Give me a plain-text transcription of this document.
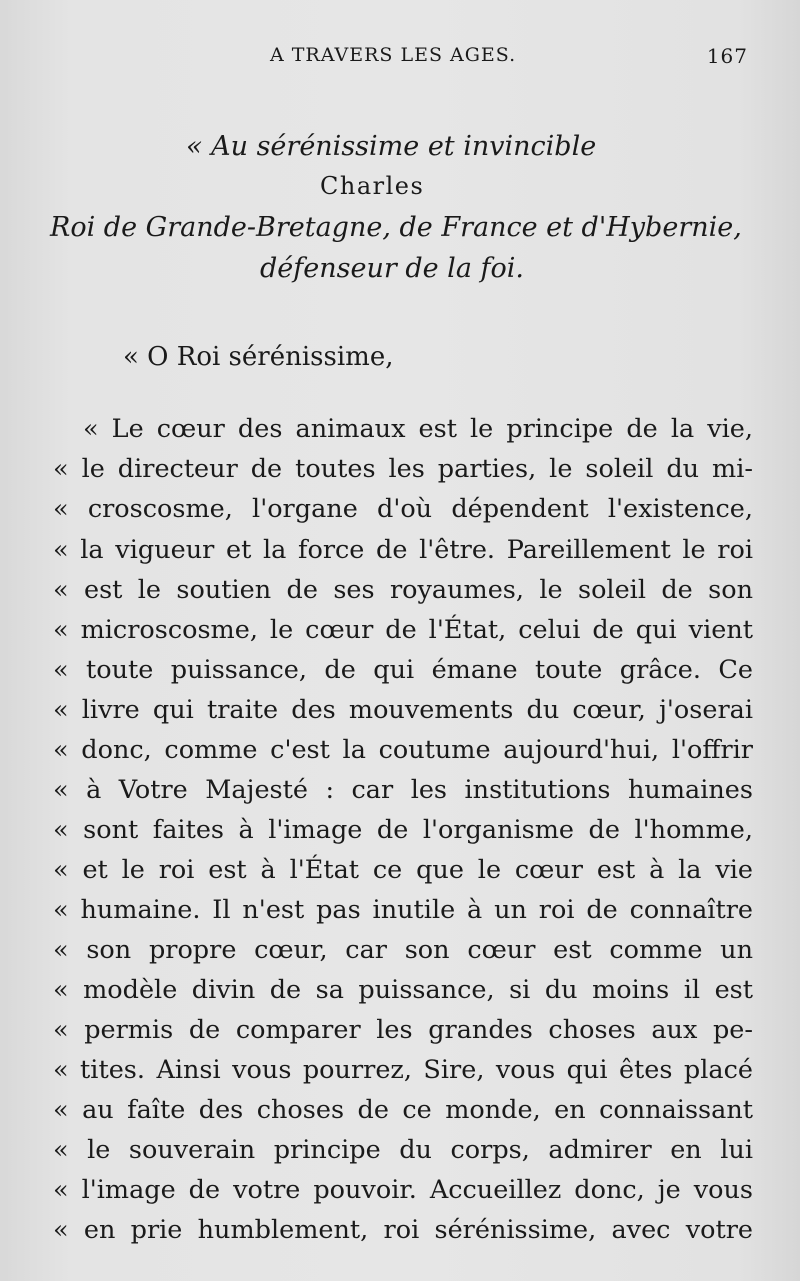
A TRAVERS LES AGES.	167
« Au sérénissime et invincible
Charles
Roi de Grande-Bretagne, de France et d'Hybernie,
défenseur de la foi.
« O Roi sérénissime,
« Le cœur des animaux est le principe de la vie,
« le directeur de toutes les parties, le soleil du mi-
« croscosme, l'organe d'où dépendent l'existence,
« la vigueur et la force de l'être. Pareillement le roi
« est le soutien de ses royaumes, le soleil de son
« microscosme, le cœur de l'État, celui de qui vient
« toute puissance, de qui émane toute grâce. Ce
« livre qui traite des mouvements du cœur, j'oserai
« donc, comme c'est la coutume aujourd'hui, l'offrir
« à Votre Majesté : car les institutions humaines
« sont faites à l'image de l'organisme de l'homme,
« et le roi est à l'État ce que le cœur est à la vie
« humaine. Il n'est pas inutile à un roi de connaître
« son propre cœur, car son cœur est comme un
« modèle divin de sa puissance, si du moins il est
« permis de comparer les grandes choses aux pe-
« tites. Ainsi vous pourrez, Sire, vous qui êtes placé
« au faîte des choses de ce monde, en connaissant
« le souverain principe du corps, admirer en lui
« l'image de votre pouvoir. Accueillez donc, je vous
« en prie humblement, roi sérénissime, avec votre
